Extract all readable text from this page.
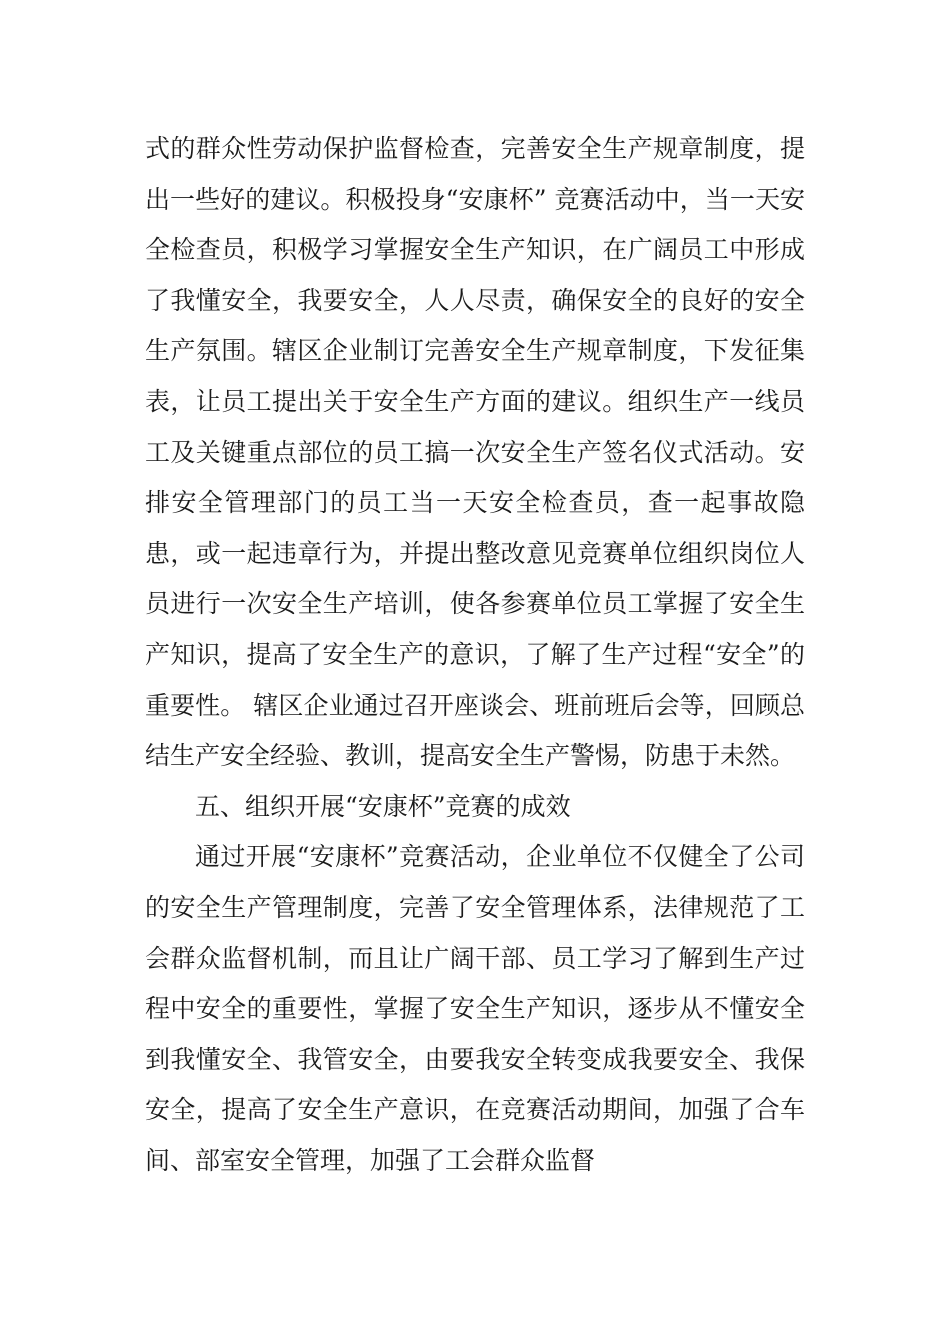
式的群众性劳动保护监督检查，完善安全生产规章制度，提出一些好的建议。积极投身“安康杯” 竞赛活动中，当一天安全检查员，积极学习掌握安全生产知识，在广阔员工中形成了我懂安全，我要安全，人人尽责，确保安全的良好的安全生产氛围。辖区企业制订完善安全生产规章制度，下发征集表，让员工提出关于安全生产方面的建议。组织生产一线员工及关键重点部位的员工搞一次安全生产签名仪式活动。安排安全管理部门的员工当一天安全检查员，查一起事故隐患，或一起违章行为，并提出整改意见竞赛单位组织岗位人员进行一次安全生产培训，使各参赛单位员工掌握了安全生产知识，提高了安全生产的意识，了解了生产过程“安全”的重要性。 辖区企业通过召开座谈会、班前班后会等，回顾总结生产安全经验、教训，提高安全生产警惕，防患于未然。

五、组织开展“安康杯”竞赛的成效

通过开展“安康杯”竞赛活动，企业单位不仅健全了公司的安全生产管理制度，完善了安全管理体系，法律规范了工会群众监督机制，而且让广阔干部、员工学习了解到生产过程中安全的重要性，掌握了安全生产知识，逐步从不懂安全到我懂安全、我管安全，由要我安全转变成我要安全、我保安全，提高了安全生产意识，在竞赛活动期间，加强了合车间、部室安全管理，加强了工会群众监督
